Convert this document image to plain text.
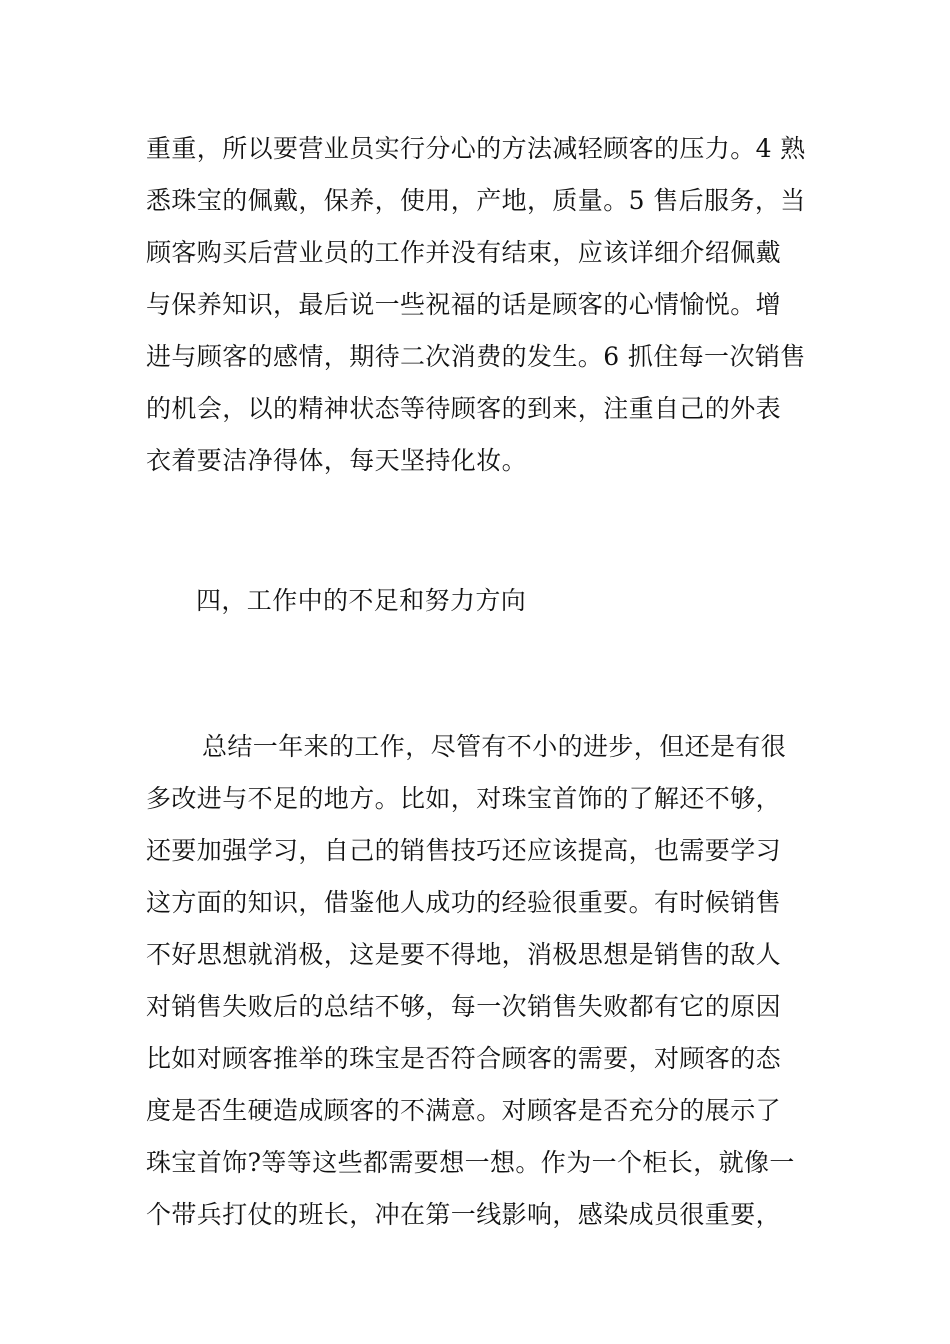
重重，所以要营业员实行分心的方法减轻顾客的压力。4 熟
悉珠宝的佩戴，保养，使用，产地，质量。5 售后服务，当
顾客购买后营业员的工作并没有结束，应该详细介绍佩戴
与保养知识，最后说一些祝福的话是顾客的心情愉悦。增
进与顾客的感情，期待二次消费的发生。6 抓住每一次销售
的机会，以的精神状态等待顾客的到来，注重自己的外表
衣着要洁净得体，每天坚持化妆。
四，工作中的不足和努力方向
总结一年来的工作，尽管有不小的进步，但还是有很
多改进与不足的地方。比如，对珠宝首饰的了解还不够，
还要加强学习，自己的销售技巧还应该提高，也需要学习
这方面的知识，借鉴他人成功的经验很重要。有时候销售
不好思想就消极，这是要不得地，消极思想是销售的敌人
对销售失败后的总结不够，每一次销售失败都有它的原因
比如对顾客推举的珠宝是否符合顾客的需要，对顾客的态
度是否生硬造成顾客的不满意。对顾客是否充分的展示了
珠宝首饰?等等这些都需要想一想。作为一个柜长，就像一
个带兵打仗的班长，冲在第一线影响，感染成员很重要，
